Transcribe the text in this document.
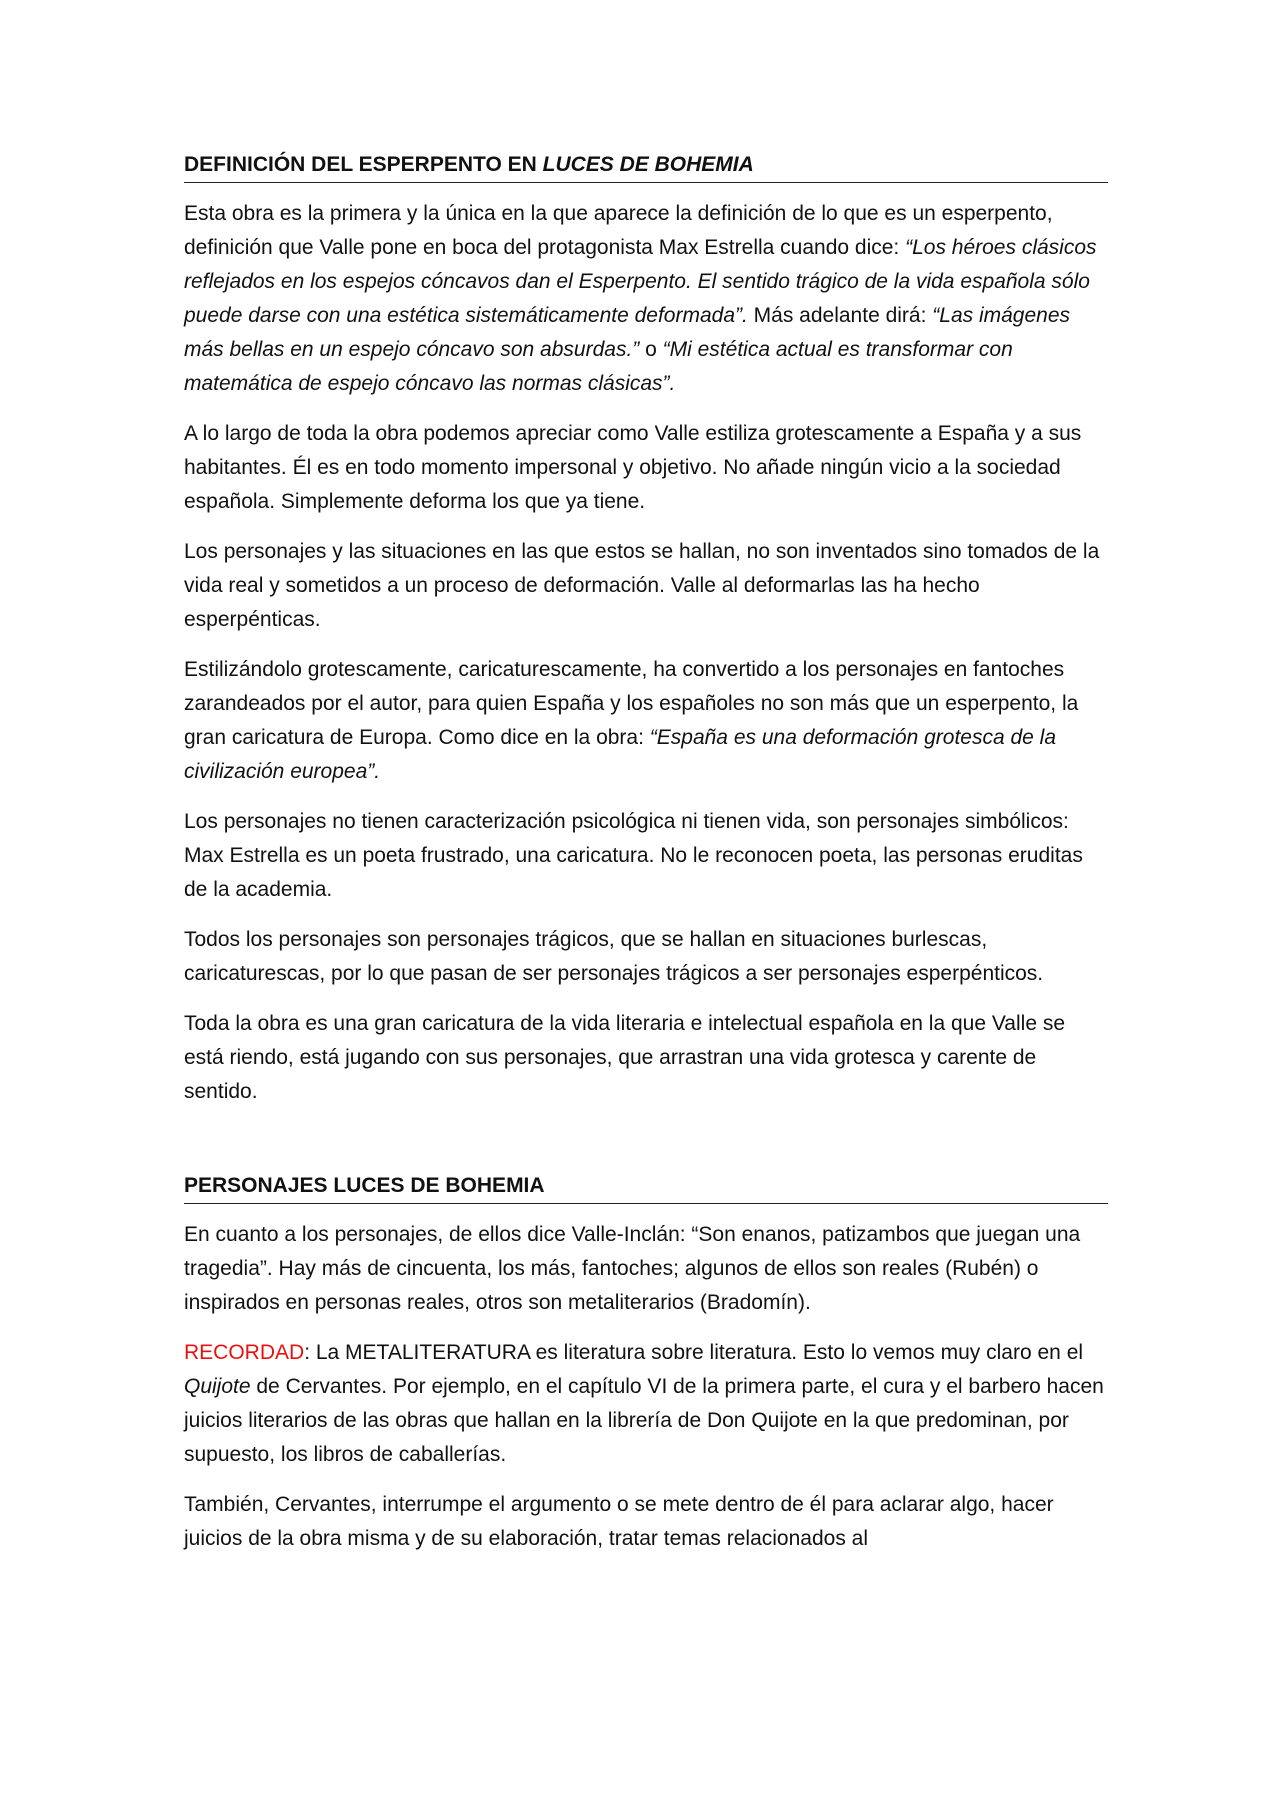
DEFINICIÓN DEL ESPERPENTO EN LUCES DE BOHEMIA

Esta obra es la primera y la única en la que aparece la definición de lo que es un esperpento, definición que Valle pone en boca del protagonista Max Estrella cuando dice: “Los héroes clásicos reflejados en los espejos cóncavos dan el Esperpento. El sentido trágico de la vida española sólo puede darse con una estética sistemáticamente deformada”. Más adelante dirá: “Las imágenes más bellas en un espejo cóncavo son absurdas.” o “Mi estética actual es transformar con matemática de espejo cóncavo las normas clásicas”.

A lo largo de toda la obra podemos apreciar como Valle estiliza grotescamente a España y a sus habitantes. Él es en todo momento impersonal y objetivo. No añade ningún vicio a la sociedad española. Simplemente deforma los que ya tiene.

Los personajes y las situaciones en las que estos se hallan, no son inventados sino tomados de la vida real y sometidos a un proceso de deformación. Valle al deformarlas las ha hecho esperpénticas.

Estilizándolo grotescamente, caricaturescamente, ha convertido a los personajes en fantoches zarandeados por el autor, para quien España y los españoles no son más que un esperpento, la gran caricatura de Europa. Como dice en la obra: “España es una deformación grotesca de la civilización europea”.

Los personajes no tienen caracterización psicológica ni tienen vida, son personajes simbólicos: Max Estrella es un poeta frustrado, una caricatura. No le reconocen poeta, las personas eruditas de la academia.

Todos los personajes son personajes trágicos, que se hallan en situaciones burlescas, caricaturescas, por lo que pasan de ser personajes trágicos a ser personajes esperpénticos.

Toda la obra es una gran caricatura de la vida literaria e intelectual española en la que Valle se está riendo, está jugando con sus personajes, que arrastran una vida grotesca y carente de sentido.

PERSONAJES LUCES DE BOHEMIA

En cuanto a los personajes, de ellos dice Valle-Inclán: “Son enanos, patizambos que juegan una tragedia”. Hay más de cincuenta, los más, fantoches; algunos de ellos son reales (Rubén) o inspirados en personas reales, otros son metaliterarios (Bradomín).

RECORDAD: La METALITERATURA es literatura sobre literatura. Esto lo vemos muy claro en el Quijote de Cervantes. Por ejemplo, en el capítulo VI de la primera parte, el cura y el barbero hacen juicios literarios de las obras que hallan en la librería de Don Quijote en la que predominan, por supuesto, los libros de caballerías.

También, Cervantes, interrumpe el argumento o se mete dentro de él para aclarar algo, hacer juicios de la obra misma y de su elaboración, tratar temas relacionados al
